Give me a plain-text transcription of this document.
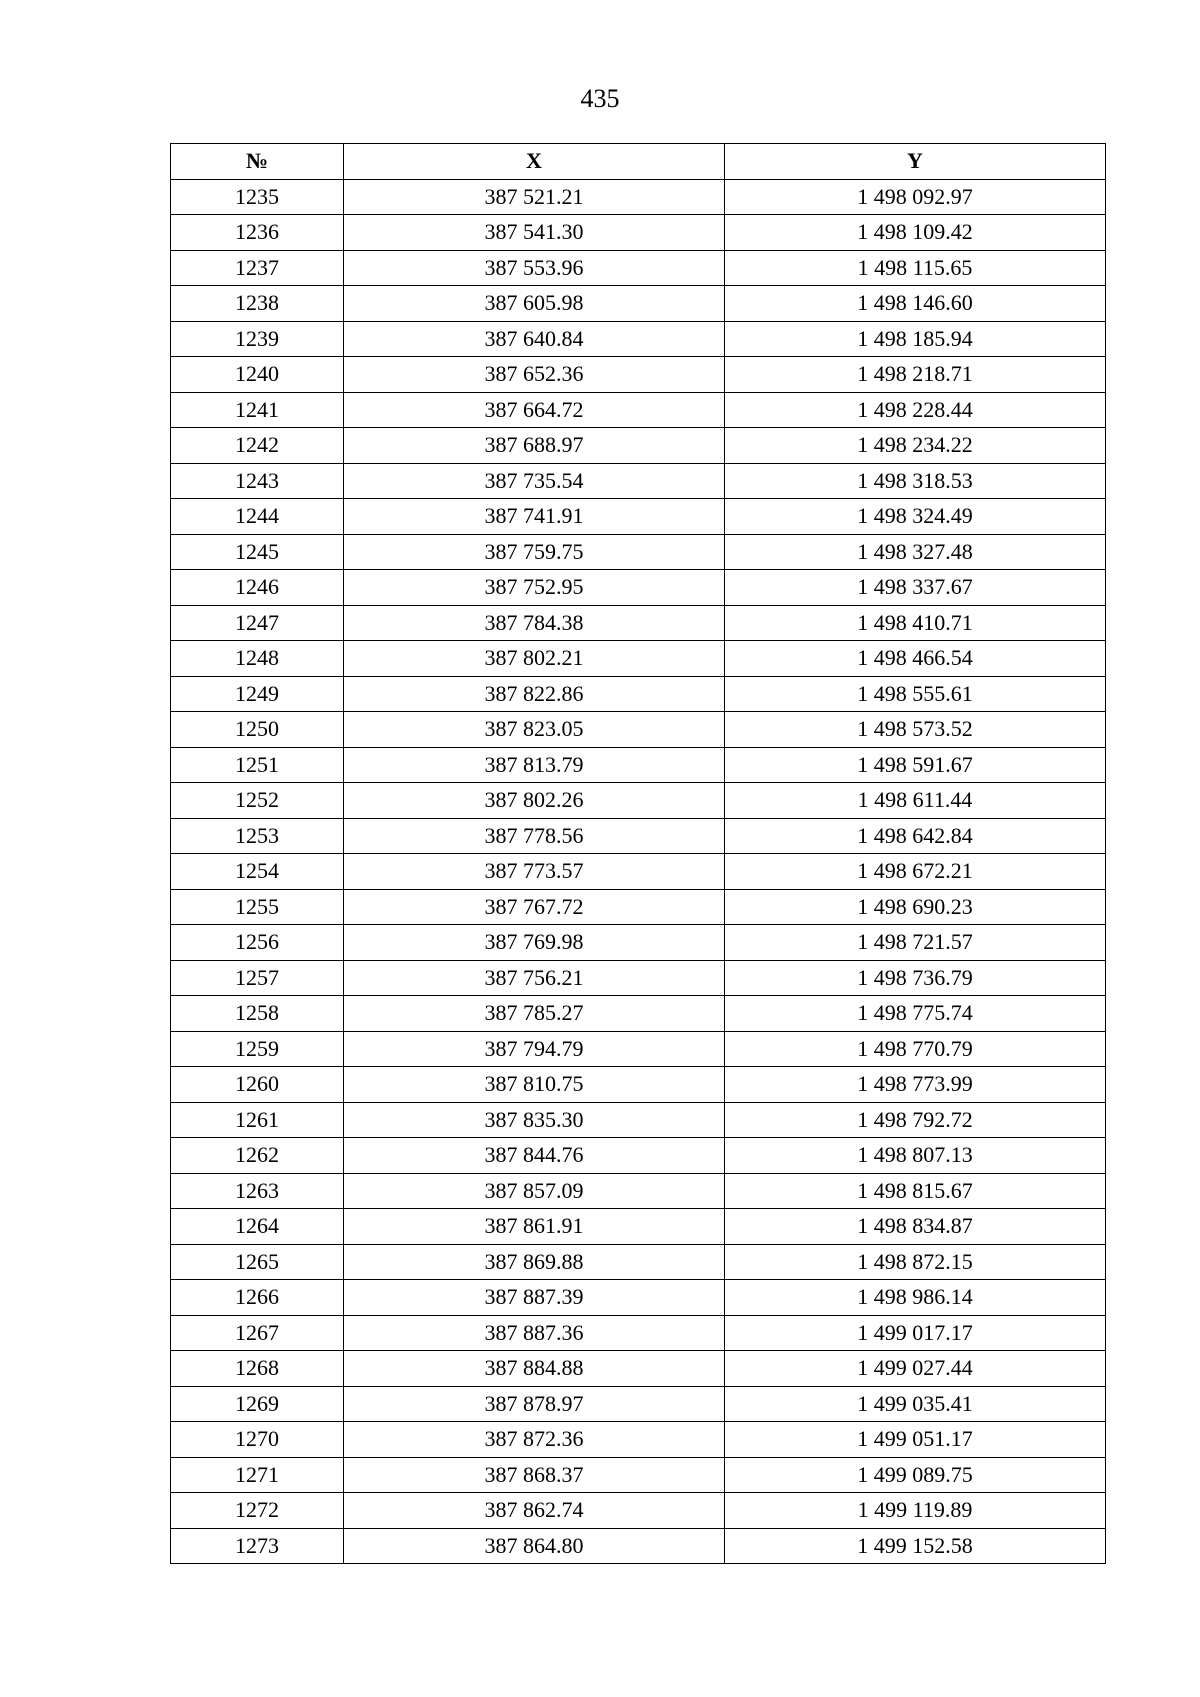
435
№	X	Y
1235	387 521.21	1 498 092.97
1236	387 541.30	1 498 109.42
1237	387 553.96	1 498 115.65
1238	387 605.98	1 498 146.60
1239	387 640.84	1 498 185.94
1240	387 652.36	1 498 218.71
1241	387 664.72	1 498 228.44
1242	387 688.97	1 498 234.22
1243	387 735.54	1 498 318.53
1244	387 741.91	1 498 324.49
1245	387 759.75	1 498 327.48
1246	387 752.95	1 498 337.67
1247	387 784.38	1 498 410.71
1248	387 802.21	1 498 466.54
1249	387 822.86	1 498 555.61
1250	387 823.05	1 498 573.52
1251	387 813.79	1 498 591.67
1252	387 802.26	1 498 611.44
1253	387 778.56	1 498 642.84
1254	387 773.57	1 498 672.21
1255	387 767.72	1 498 690.23
1256	387 769.98	1 498 721.57
1257	387 756.21	1 498 736.79
1258	387 785.27	1 498 775.74
1259	387 794.79	1 498 770.79
1260	387 810.75	1 498 773.99
1261	387 835.30	1 498 792.72
1262	387 844.76	1 498 807.13
1263	387 857.09	1 498 815.67
1264	387 861.91	1 498 834.87
1265	387 869.88	1 498 872.15
1266	387 887.39	1 498 986.14
1267	387 887.36	1 499 017.17
1268	387 884.88	1 499 027.44
1269	387 878.97	1 499 035.41
1270	387 872.36	1 499 051.17
1271	387 868.37	1 499 089.75
1272	387 862.74	1 499 119.89
1273	387 864.80	1 499 152.58
